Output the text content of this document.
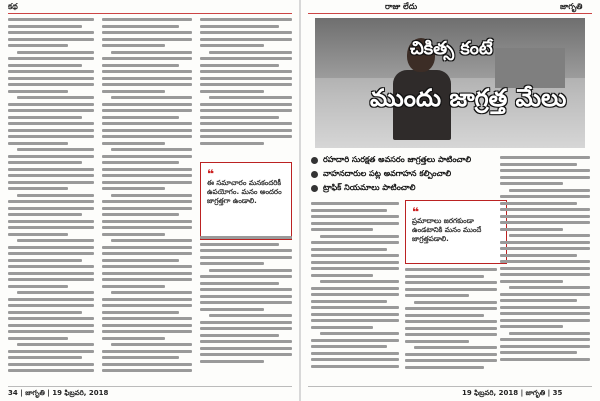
కథ
❝
ఈ సమాచారం మనకందరికీ ఉపయోగం. మనం అందరం జాగ్రత్తగా ఉండాలి.
34 | జాగృతి | 19 ఫిబ్రవరి, 2018
రాజు లేదు	జాగృతి
చికిత్స కంటే
ముందు జాగ్రత్త మేలు
రహదారి సురక్షత అవసరం జాగ్రత్తలు పాటించాలి
వాహనదారుల పట్ల అవగాహన కల్పించాలి
ట్రాఫిక్ నియమాలు పాటించాలి
❝
ప్రమాదాలు జరగకుండా ఉండటానికి మనం ముందే జాగ్రత్తపడాలి.
19 ఫిబ్రవరి, 2018 | జాగృతి | 35
